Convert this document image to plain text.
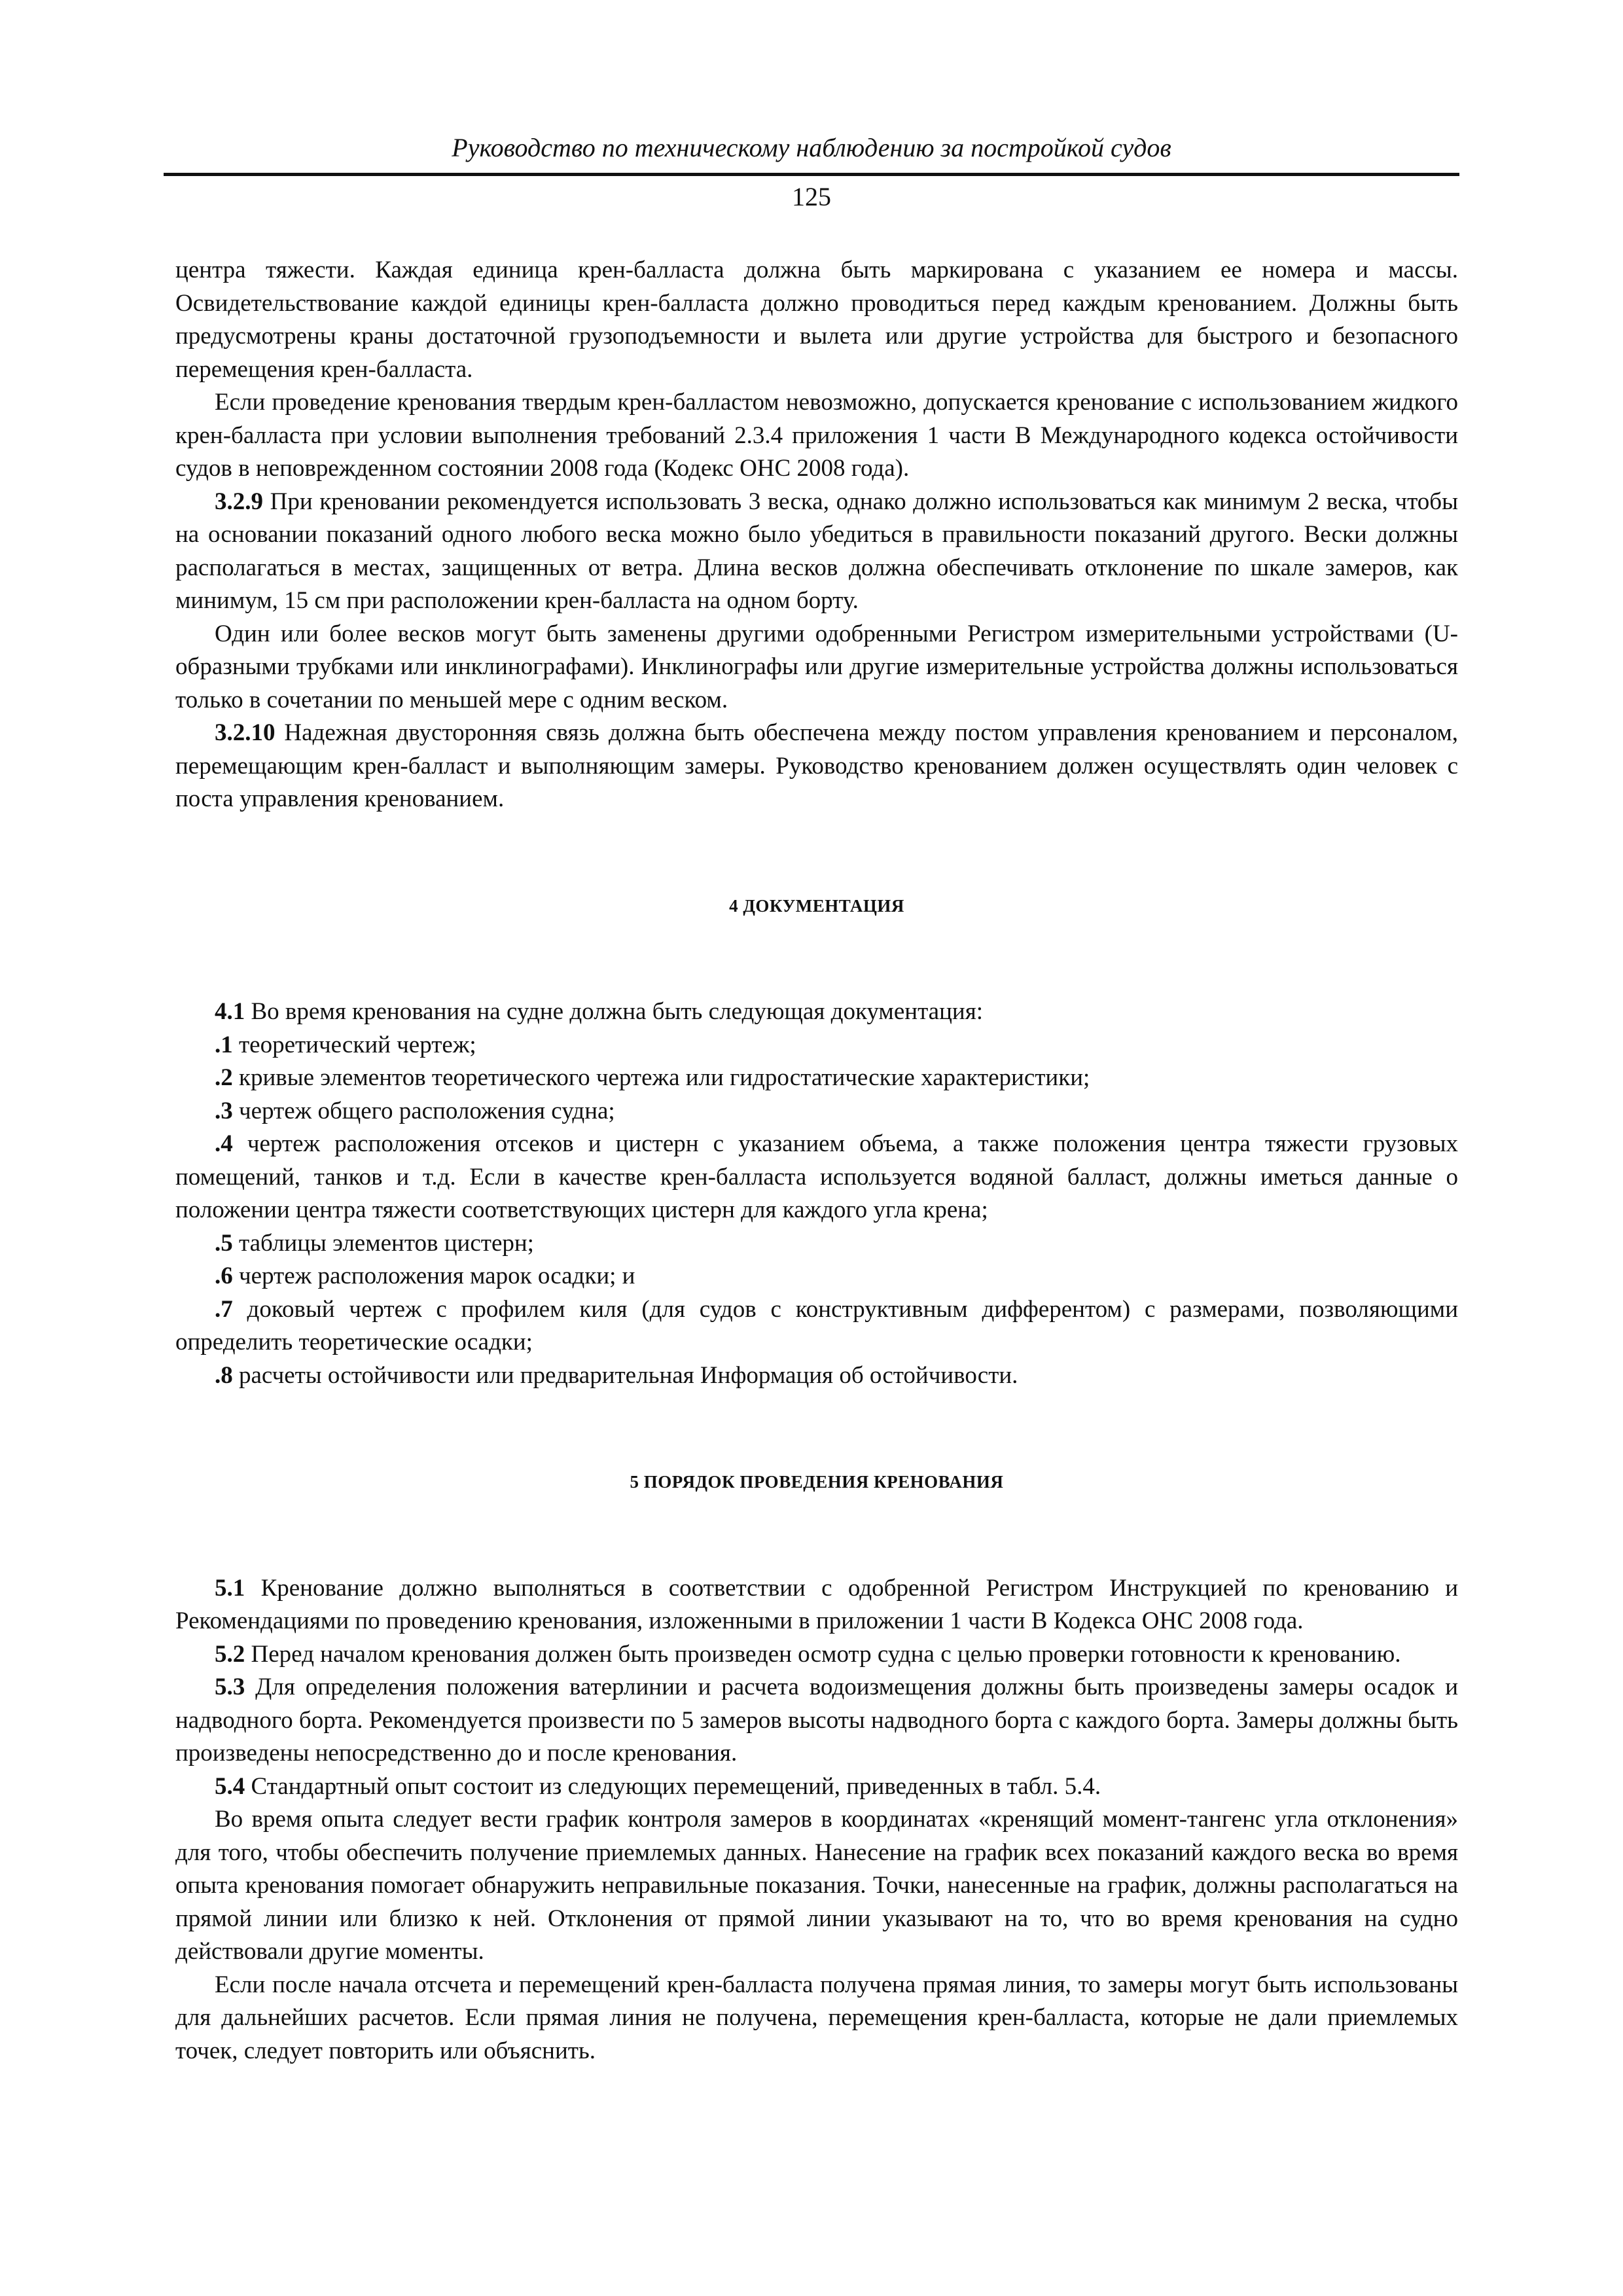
Руководство по техническому наблюдению за постройкой судов
125

центра тяжести. Каждая единица крен-балласта должна быть маркирована с указанием ее номера и массы. Освидетельствование каждой единицы крен-балласта должно проводиться перед каждым кренованием. Должны быть предусмотрены краны достаточной грузоподъемности и вылета или другие устройства для быстрого и безопасного перемещения крен-балласта.

Если проведение кренования твердым крен-балластом невозможно, допускается кренование с использованием жидкого крен-балласта при условии выполнения требований 2.3.4 приложения 1 части В Международного кодекса остойчивости судов в неповрежденном состоянии 2008 года (Кодекс ОНС 2008 года).

3.2.9 При креновании рекомендуется использовать 3 веска, однако должно использоваться как минимум 2 веска, чтобы на основании показаний одного любого веска можно было убедиться в правильности показаний другого. Вески должны располагаться в местах, защищенных от ветра. Длина весков должна обеспечивать отклонение по шкале замеров, как минимум, 15 см при расположении крен-балласта на одном борту.

Один или более весков могут быть заменены другими одобренными Регистром измерительными устройствами (U-образными трубками или инклинографами). Инклинографы или другие измерительные устройства должны использоваться только в сочетании по меньшей мере с одним веском.

3.2.10 Надежная двусторонняя связь должна быть обеспечена между постом управления кренованием и персоналом, перемещающим крен-балласт и выполняющим замеры. Руководство кренованием должен осуществлять один человек с поста управления кренованием.

4 ДОКУМЕНТАЦИЯ

4.1 Во время кренования на судне должна быть следующая документация:

.1 теоретический чертеж;

.2 кривые элементов теоретического чертежа или гидростатические характеристики;

.3 чертеж общего расположения судна;

.4 чертеж расположения отсеков и цистерн с указанием объема, а также положения центра тяжести грузовых помещений, танков и т.д. Если в качестве крен-балласта используется водяной балласт, должны иметься данные о положении центра тяжести соответствующих цистерн для каждого угла крена;

.5 таблицы элементов цистерн;

.6 чертеж расположения марок осадки; и

.7 доковый чертеж с профилем киля (для судов с конструктивным дифферентом) с размерами, позволяющими определить теоретические осадки;

.8 расчеты остойчивости или предварительная Информация об остойчивости.

5 ПОРЯДОК ПРОВЕДЕНИЯ КРЕНОВАНИЯ

5.1 Кренование должно выполняться в соответствии с одобренной Регистром Инструкцией по кренованию и Рекомендациями по проведению кренования, изложенными в приложении 1 части В Кодекса ОНС 2008 года.

5.2 Перед началом кренования должен быть произведен осмотр судна с целью проверки готовности к кренованию.

5.3 Для определения положения ватерлинии и расчета водоизмещения должны быть произведены замеры осадок и надводного борта. Рекомендуется произвести по 5 замеров высоты надводного борта с каждого борта. Замеры должны быть произведены непосредственно до и после кренования.

5.4 Стандартный опыт состоит из следующих перемещений, приведенных в табл. 5.4.

Во время опыта следует вести график контроля замеров в координатах «кренящий момент-тангенс угла отклонения» для того, чтобы обеспечить получение приемлемых данных. Нанесение на график всех показаний каждого веска во время опыта кренования помогает обнаружить неправильные показания. Точки, нанесенные на график, должны располагаться на прямой линии или близко к ней. Отклонения от прямой линии указывают на то, что во время кренования на судно действовали другие моменты.

Если после начала отсчета и перемещений крен-балласта получена прямая линия, то замеры могут быть использованы для дальнейших расчетов. Если прямая линия не получена, перемещения крен-балласта, которые не дали приемлемых точек, следует повторить или объяснить.
